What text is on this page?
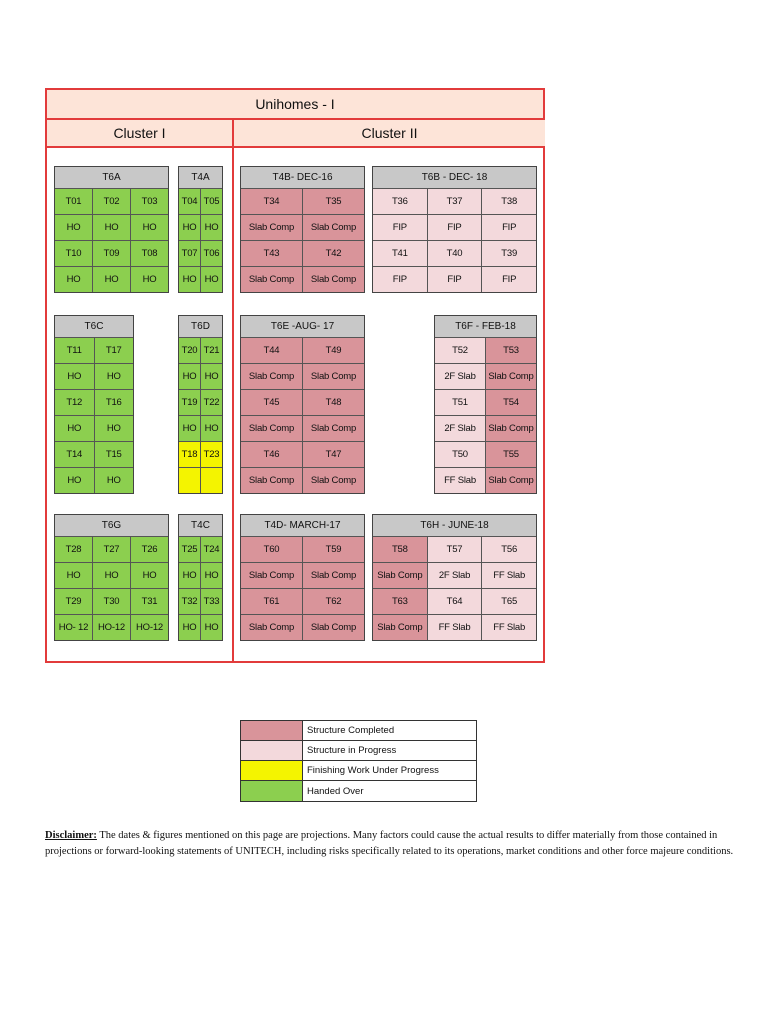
Unihomes - I
Cluster I	Cluster II
T6A
T01	T02	T03
HO	HO	HO
T10	T09	T08
HO	HO	HO
T4A
T04 T05
HO HO
T07 T06
HO HO
T4B- DEC-16
T34	T35
Slab Comp	Slab Comp
T43	T42
Slab Comp	Slab Comp
T6B - DEC- 18
T36	T37	T38
FIP	FIP	FIP
T41	T40	T39
FIP	FIP	FIP
T6C
T11	T17
HO	HO
T12	T16
HO	HO
T14	T15
HO	HO
T6D
T20 T21
HO HO
T19 T22
HO HO
T18 T23
T6E -AUG- 17
T44	T49
Slab Comp	Slab Comp
T45	T48
Slab Comp	Slab Comp
T46	T47
Slab Comp	Slab Comp
T6F - FEB-18
T52	T53
2F Slab	Slab Comp
T51	T54
2F Slab	Slab Comp
T50	T55
FF Slab	Slab Comp
T6G
T28	T27	T26
HO	HO	HO
T29	T30	T31
HO- 12	HO-12	HO-12
T4C
T25 T24
HO HO
T32 T33
HO HO
T4D- MARCH-17
T60	T59
Slab Comp	Slab Comp
T61	T62
Slab Comp	Slab Comp
T6H - JUNE-18
T58	T57	T56
Slab Comp	2F Slab	FF Slab
T63	T64	T65
Slab Comp	FF Slab	FF Slab
Structure Completed
Structure in Progress
Finishing Work Under Progress
Handed Over
Disclaimer: The dates & figures mentioned on this page are projections. Many factors could cause the actual results to differ materially from those contained in projections or forward-looking statements of UNITECH, including risks specifically related to its operations, market conditions and other force majeure conditions.
